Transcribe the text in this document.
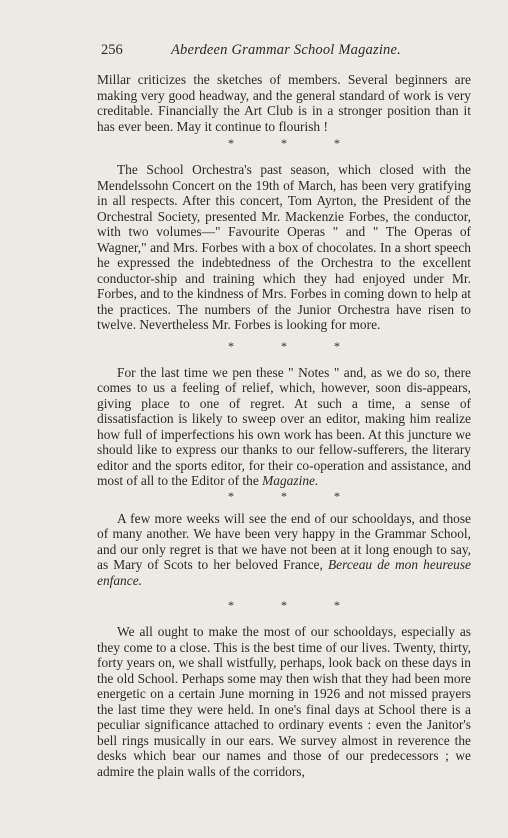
256	Aberdeen Grammar School Magazine.

Millar criticizes the sketches of members. Several beginners are making very good headway, and the general standard of work is very creditable. Financially the Art Club is in a stronger position than it has ever been. May it continue to flourish !

* * *

The School Orchestra's past season, which closed with the Mendelssohn Concert on the 19th of March, has been very gratifying in all respects. After this concert, Tom Ayrton, the President of the Orchestral Society, presented Mr. Mackenzie Forbes, the conductor, with two volumes—" Favourite Operas " and " The Operas of Wagner," and Mrs. Forbes with a box of chocolates. In a short speech he expressed the indebtedness of the Orchestra to the excellent conductor-ship and training which they had enjoyed under Mr. Forbes, and to the kindness of Mrs. Forbes in coming down to help at the practices. The numbers of the Junior Orchestra have risen to twelve. Nevertheless Mr. Forbes is looking for more.

* * *

For the last time we pen these " Notes " and, as we do so, there comes to us a feeling of relief, which, however, soon dis-appears, giving place to one of regret. At such a time, a sense of dissatisfaction is likely to sweep over an editor, making him realize how full of imperfections his own work has been. At this juncture we should like to express our thanks to our fellow-sufferers, the literary editor and the sports editor, for their co-operation and assistance, and most of all to the Editor of the Magazine.

* * *

A few more weeks will see the end of our schooldays, and those of many another. We have been very happy in the Grammar School, and our only regret is that we have not been at it long enough to say, as Mary of Scots to her beloved France, Berceau de mon heureuse enfance.

* * *

We all ought to make the most of our schooldays, especially as they come to a close. This is the best time of our lives. Twenty, thirty, forty years on, we shall wistfully, perhaps, look back on these days in the old School. Perhaps some may then wish that they had been more energetic on a certain June morning in 1926 and not missed prayers the last time they were held. In one's final days at School there is a peculiar significance attached to ordinary events : even the Janitor's bell rings musically in our ears. We survey almost in reverence the desks which bear our names and those of our predecessors ; we admire the plain walls of the corridors,
